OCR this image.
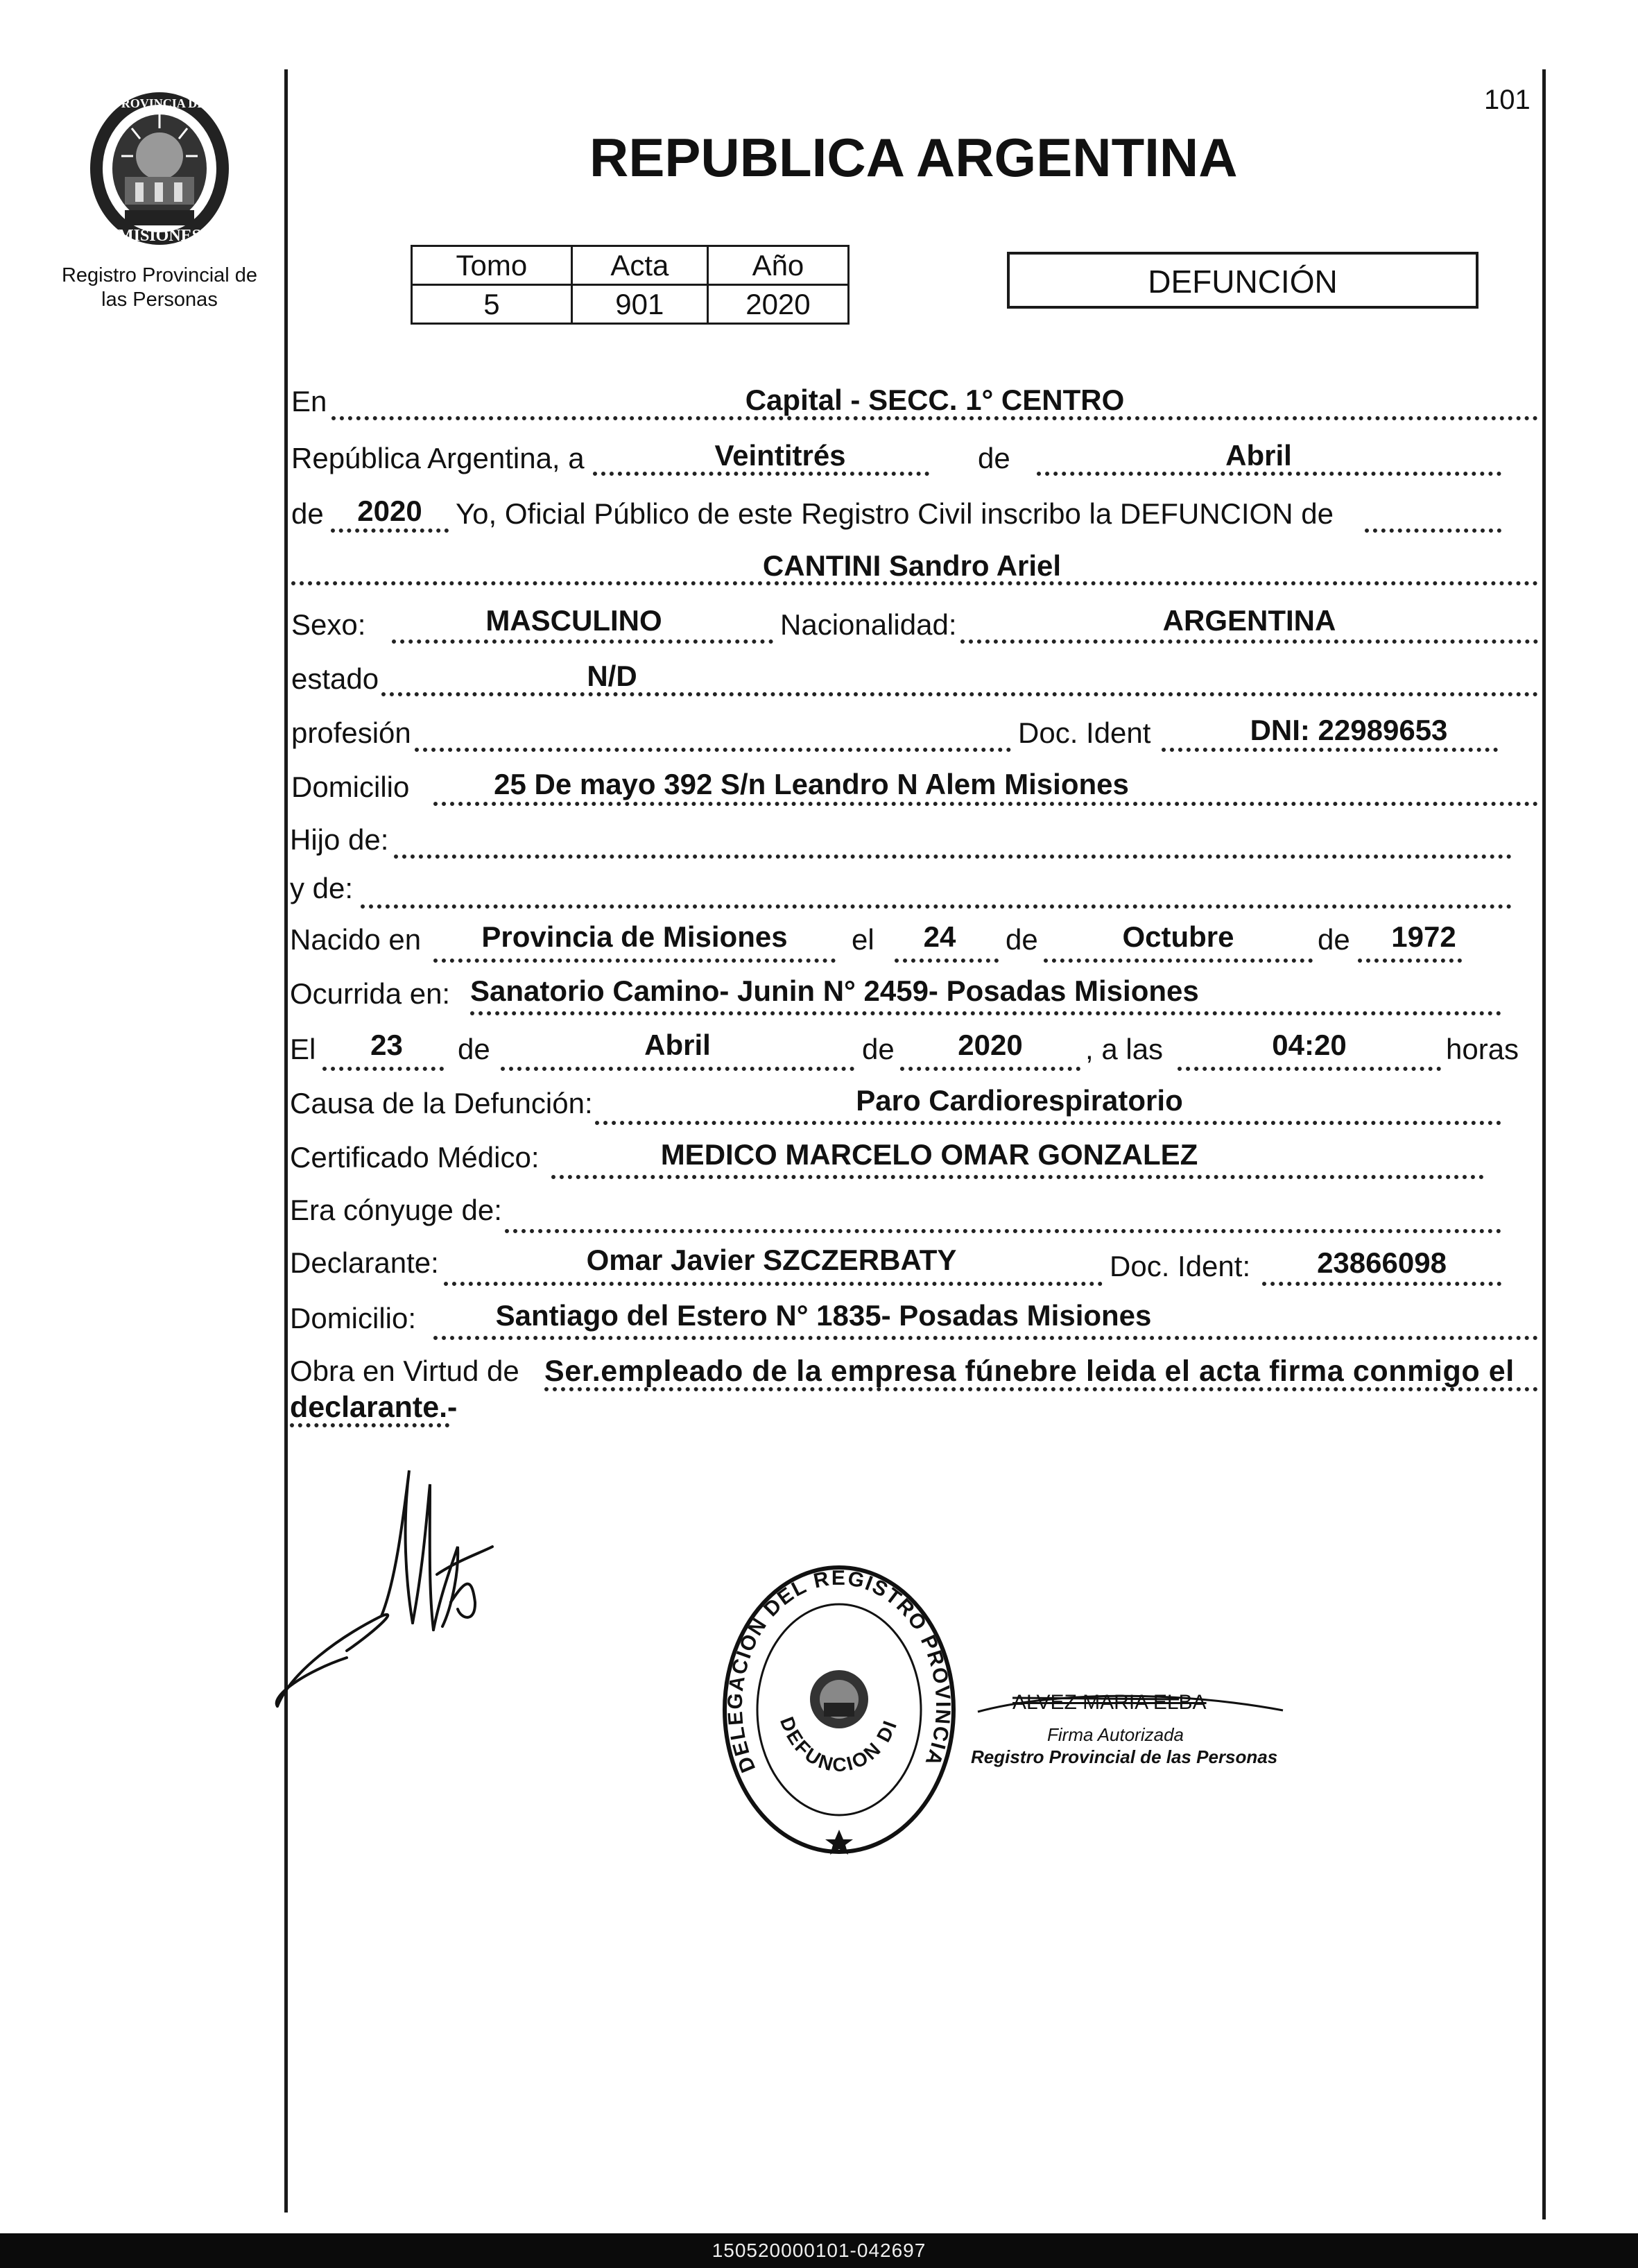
101
PROVINCIA DE
MISIONES
Registro Provincial de
las Personas
REPUBLICA ARGENTINA
Tomo	Acta	Año
5	901	2020
DEFUNCIÓN
En	Capital - SECC. 1° CENTRO
República Argentina, a	Veintitrés	de	Abril
de	2020	Yo, Oficial Público de este Registro Civil inscribo la DEFUNCION de
CANTINI Sandro Ariel
Sexo:	MASCULINO	Nacionalidad:	ARGENTINA
estado	N/D
profesión	Doc. Ident	DNI: 22989653
Domicilio	25 De mayo 392 S/n Leandro N Alem Misiones
Hijo de:
y de:
Nacido en	Provincia de Misiones	el	24	de	Octubre	de	1972
Ocurrida en: Sanatorio Camino- Junin N° 2459- Posadas Misiones
El	23	de	Abril	de	2020	, a las	04:20	horas
Causa de la Defunción:	Paro Cardiorespiratorio
Certificado Médico:	MEDICO MARCELO OMAR GONZALEZ
Era cónyuge de:
Declarante:	Omar Javier SZCZERBATY	Doc. Ident:	23866098
Domicilio:	Santiago del Estero N° 1835- Posadas Misiones
Obra en Virtud de Ser.empleado de la empresa fúnebre leida el acta firma conmigo el
declarante.-
DELEGACION DEL REGISTRO PROVINCIA
DEFUNCION DI
ALVEZ MARIA ELBA
Firma Autorizada
Registro Provincial de las Personas
150520000101-042697
